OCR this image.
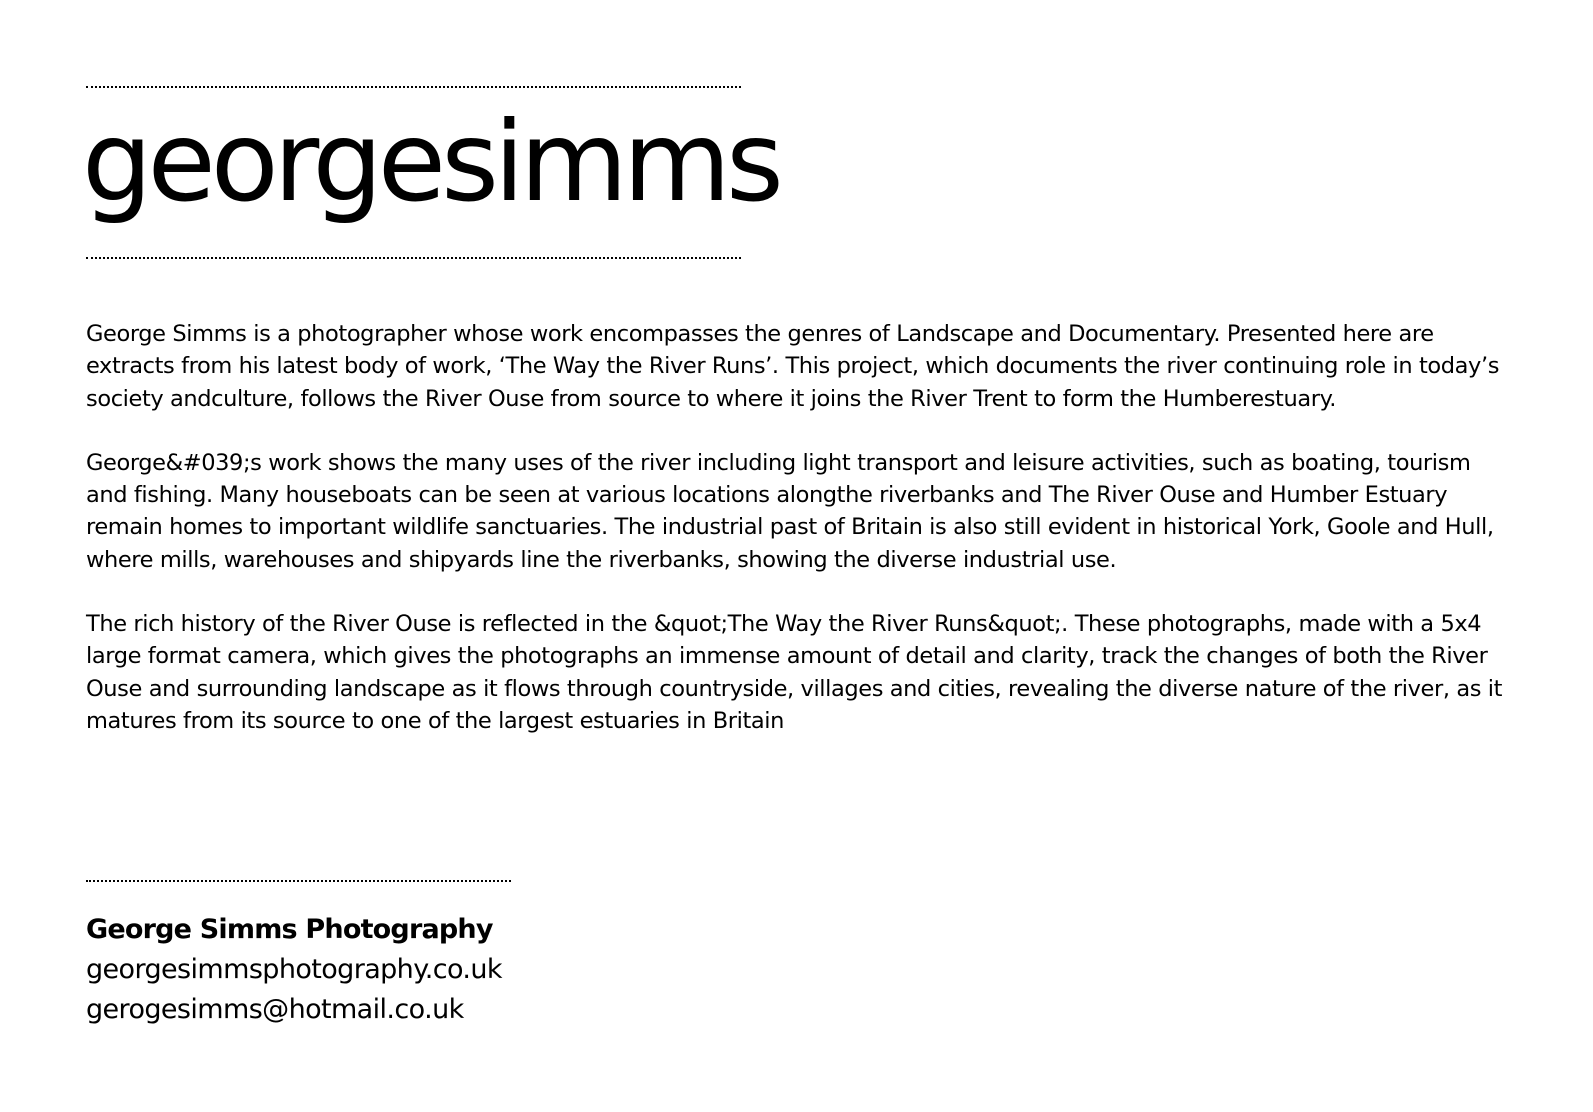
georgesimms

George Simms is a photographer whose work encompasses the genres of Landscape and Documentary. Presented here are extracts from his latest body of work, ‘The Way the River Runs’. This project, which documents the river continuing role in today’s society andculture, follows the River Ouse from source to where it joins the River Trent to form the Humberestuary.

George&#039;s work shows the many uses of the river including light transport and leisure activities, such as boating, tourism and fishing. Many houseboats can be seen at various locations alongthe riverbanks and The River Ouse and Humber Estuary remain homes to important wildlife sanctuaries. The industrial past of Britain is also still evident in historical York, Goole and Hull, where mills, warehouses and shipyards line the riverbanks, showing the diverse industrial use.

The rich history of the River Ouse is reflected in the &quot;The Way the River Runs&quot;. These photographs, made with a 5x4 large format camera, which gives the photographs an immense amount of detail and clarity, track the changes of both the River Ouse and surrounding landscape as it flows through countryside, villages and cities, revealing the diverse nature of the river, as it matures from its source to one of the largest estuaries in Britain

George Simms Photography
georgesimmsphotography.co.uk
gerogesimms@hotmail.co.uk
